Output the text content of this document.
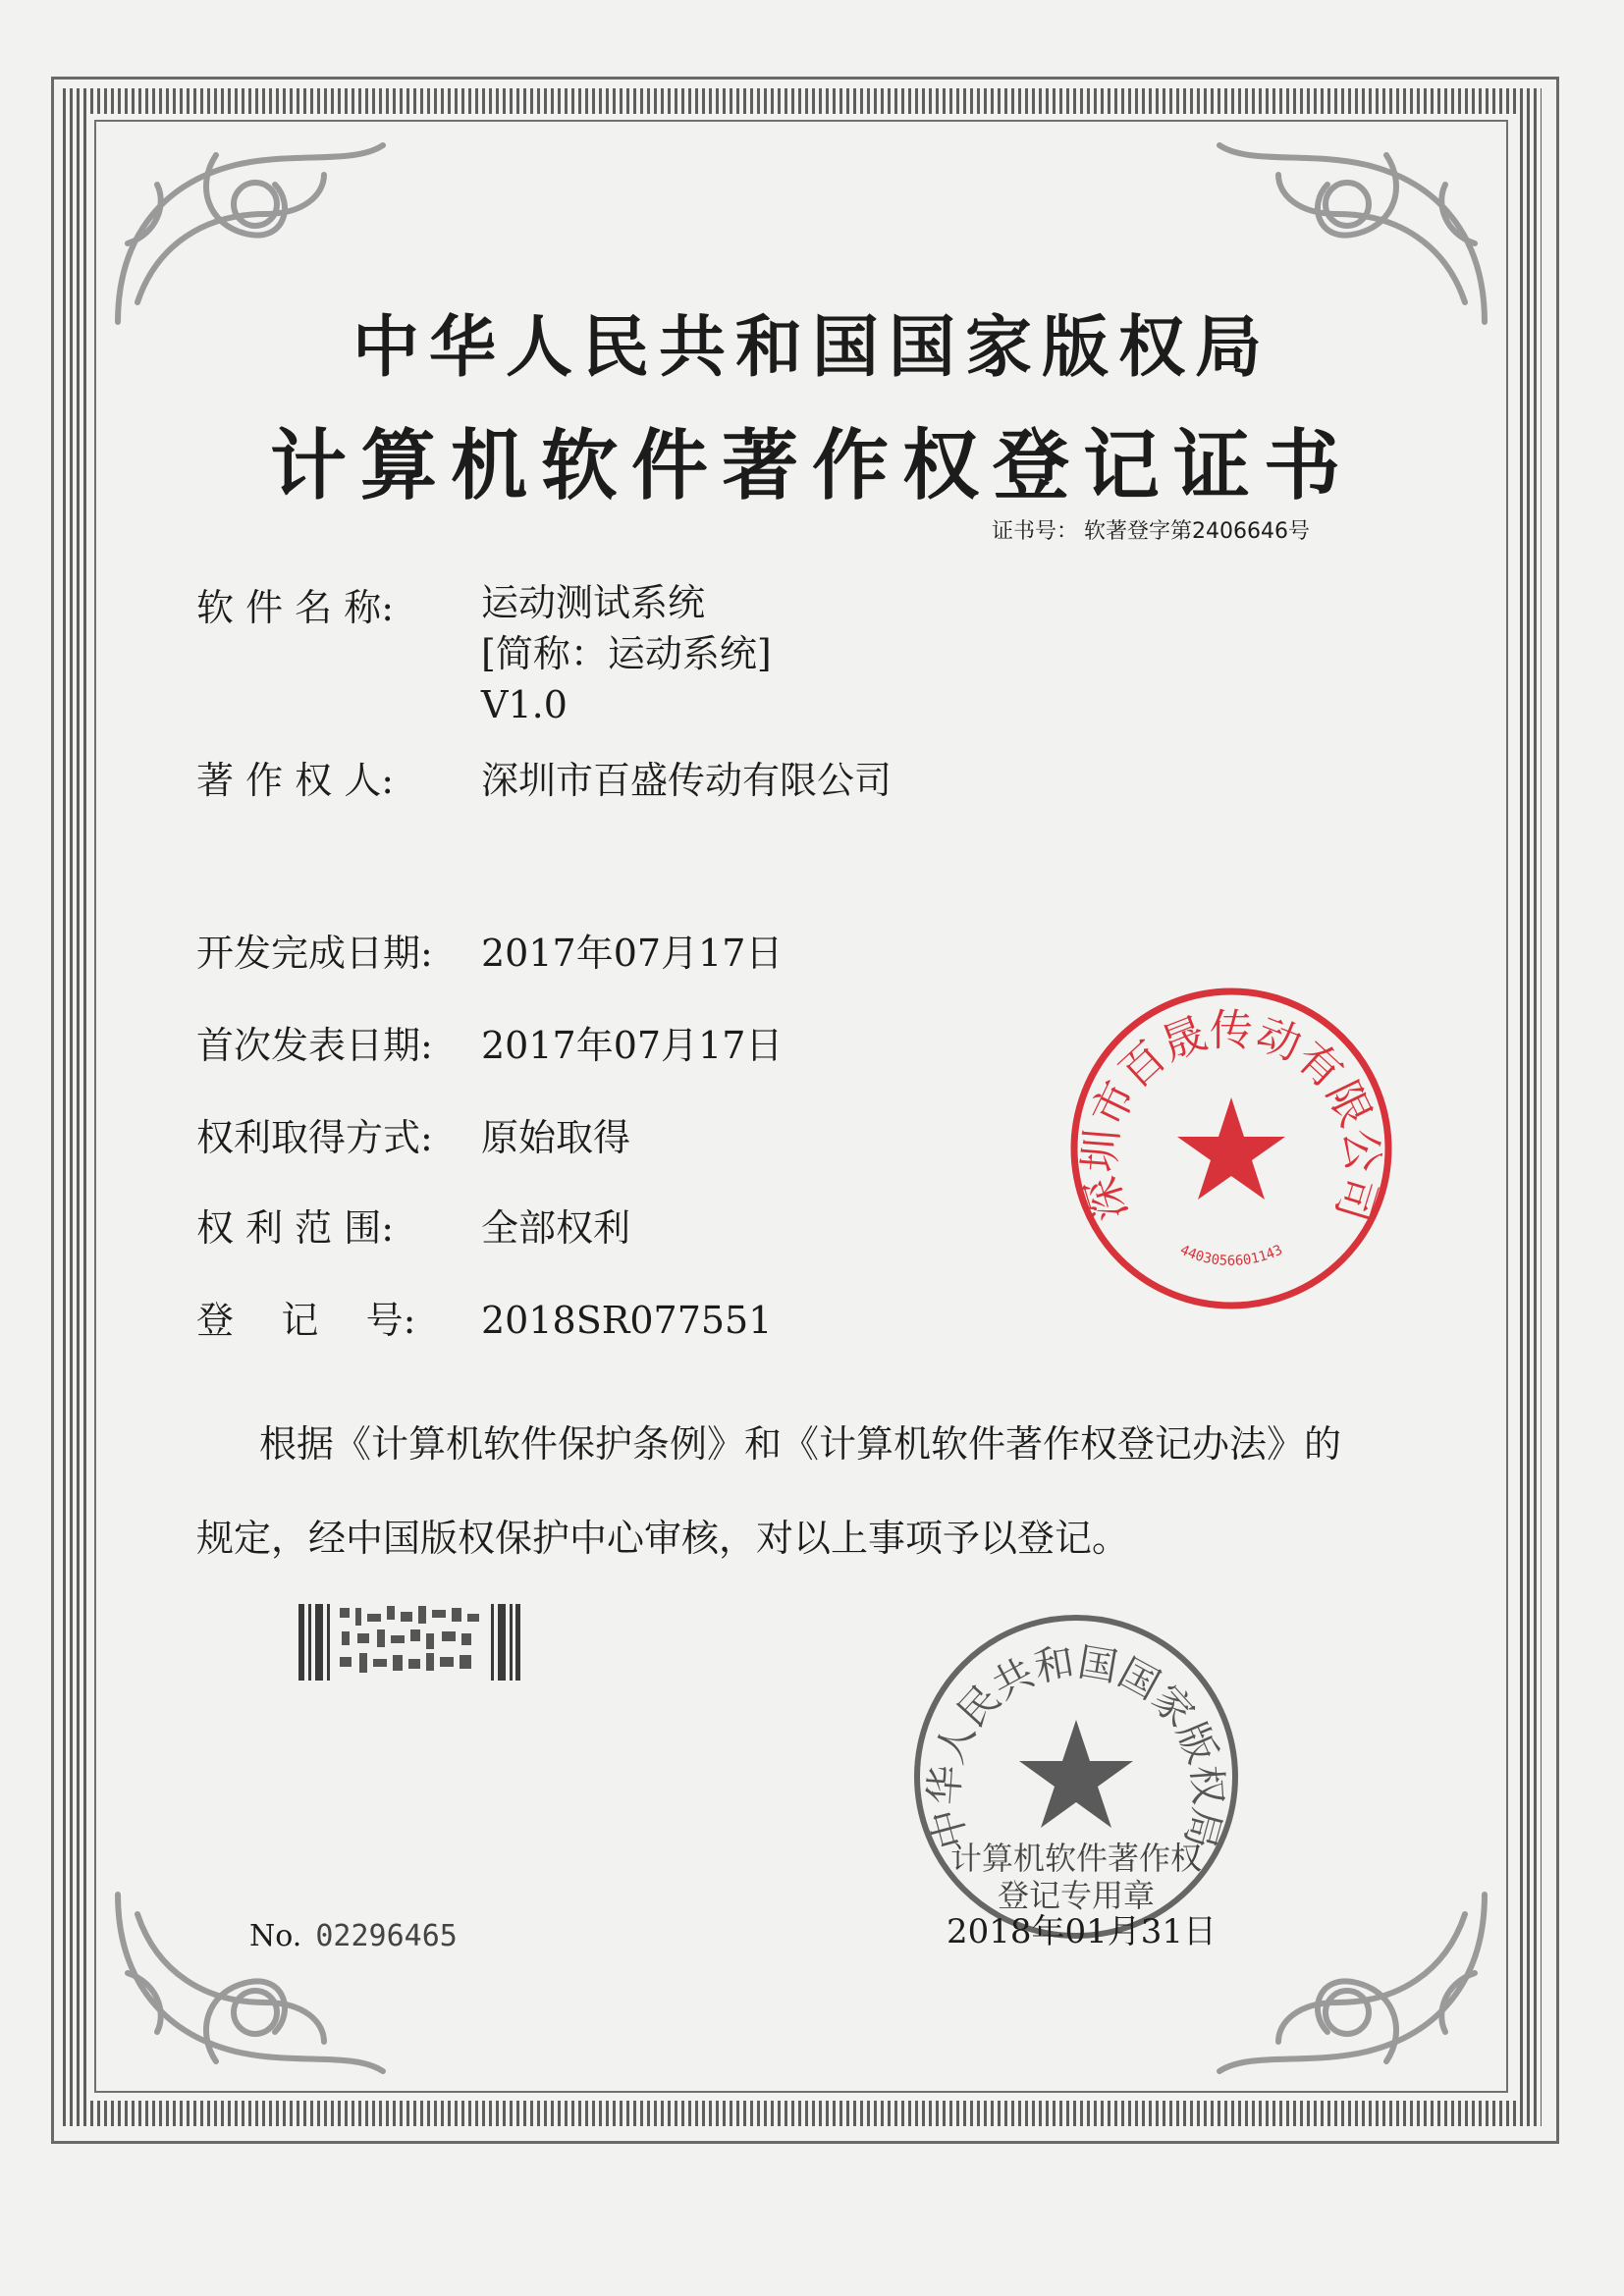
中华人民共和国国家版权局
计算机软件著作权登记证书
证书号： 软著登字第2406646号
软 件 名 称: 运动测试系统
[简称：运动系统]
V1.0
著 作 权 人: 深圳市百盛传动有限公司
开发完成日期: 2017年07月17日
首次发表日期: 2017年07月17日
权利取得方式: 原始取得
权 利 范 围: 全部权利
登    记    号: 2018SR077551
根据《计算机软件保护条例》和《计算机软件著作权登记办法》的
规定，经中国版权保护中心审核，对以上事项予以登记。
No. 02296465
深圳市百晟传动有限公司
4403056601143
中华人民共和国国家版权局
计算机软件著作权
登记专用章
2018年01月31日
